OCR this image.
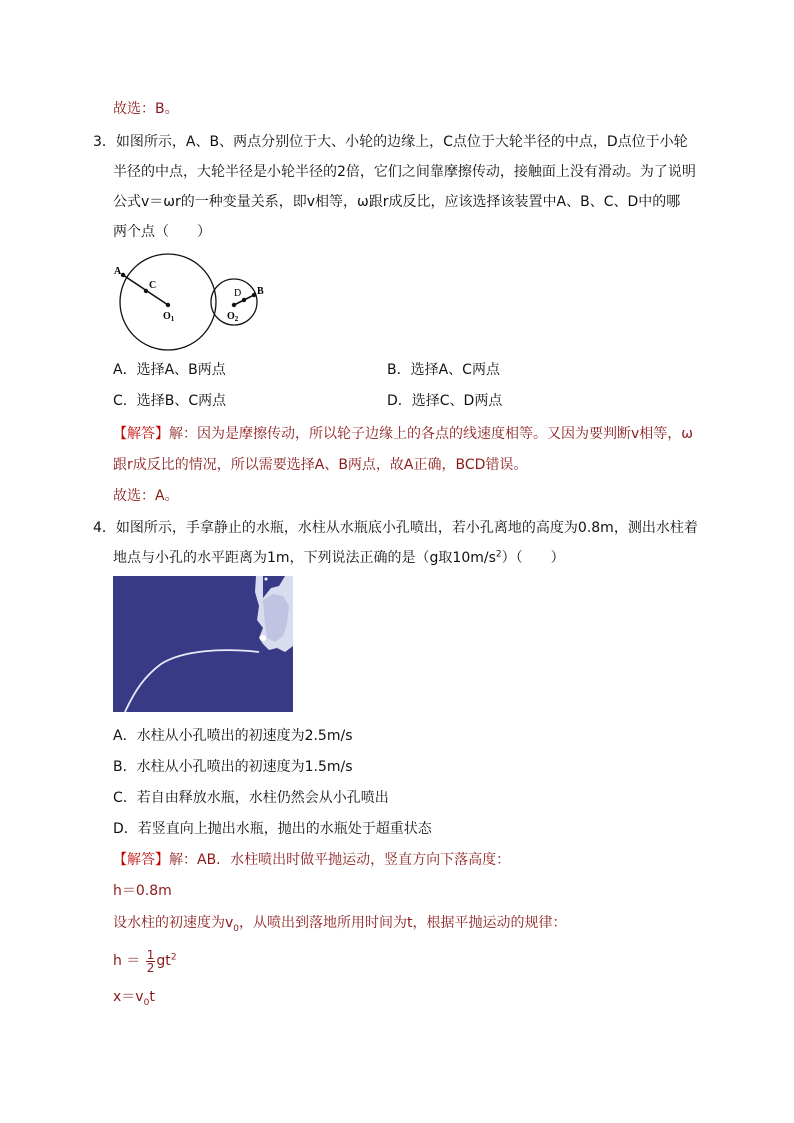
故选：B。
3．如图所示，A、B、两点分别位于大、小轮的边缘上，C点位于大轮半径的中点，D点位于小轮
半径的中点，大轮半径是小轮半径的2倍，它们之间靠摩擦传动，接触面上没有滑动。为了说明
公式v＝ωr的一种变量关系，即v相等，ω跟r成反比，应该选择该装置中A、B、C、D中的哪
两个点（　　）
A
C
$O_1$
D B
$O_2$
A．选择A、B两点	B．选择A、C两点
C．选择B、C两点	D．选择C、D两点
【解答】解：因为是摩擦传动，所以轮子边缘上的各点的线速度相等。又因为要判断v相等，ω
跟r成反比的情况，所以需要选择A、B两点，故A正确，BCD错误。
故选：A。
4．如图所示，手拿静止的水瓶，水柱从水瓶底小孔喷出，若小孔离地的高度为0.8m，测出水柱着
地点与小孔的水平距离为1m，下列说法正确的是（g取$10m/s^2$）（　　）
A．水柱从小孔喷出的初速度为2.5m/s
B．水柱从小孔喷出的初速度为1.5m/s
C．若自由释放水瓶，水柱仍然会从小孔喷出
D．若竖直向上抛出水瓶，抛出的水瓶处于超重状态
【解答】解：AB．水柱喷出时做平抛运动，竖直方向下落高度：
h＝0.8m
设水柱的初速度为$v_0$，从喷出到落地所用时间为t，根据平抛运动的规律：
$h = \frac{1}{2} gt^2$
$x=v_0t$
